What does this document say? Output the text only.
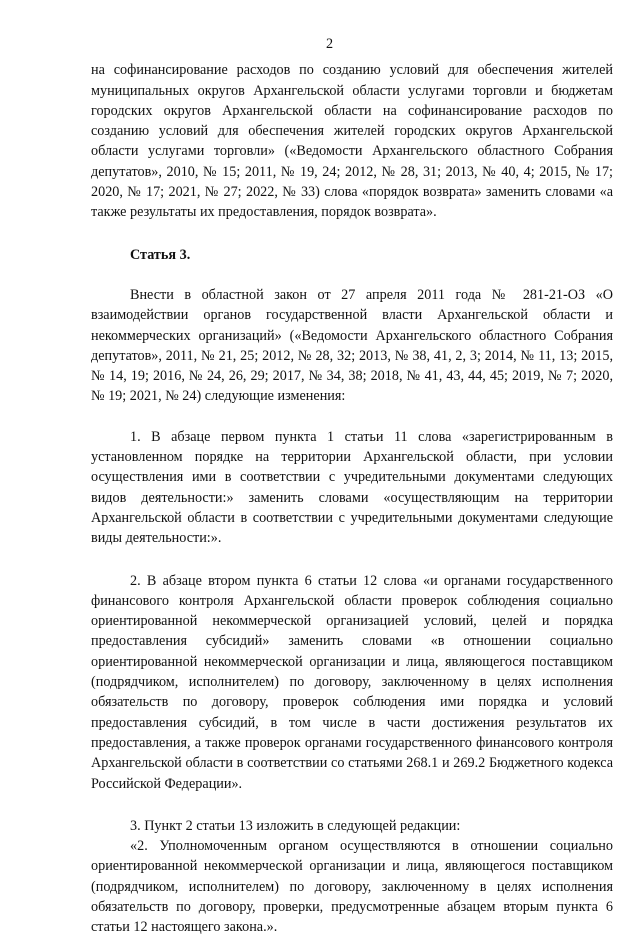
2

на софинансирование расходов по созданию условий для обеспечения жителей муниципальных округов Архангельской области услугами торговли и бюджетам городских округов Архангельской области на софинансирование расходов по созданию условий для обеспечения жителей городских округов Архангельской области услугами торговли» («Ведомости Архангельского областного Собрания депутатов», 2010, № 15; 2011, № 19, 24; 2012, № 28, 31; 2013, № 40, 4; 2015, № 17; 2020, № 17; 2021, № 27; 2022, № 33) слова «порядок возврата» заменить словами «а также результаты их предоставления, порядок возврата».

Статья 3.

Внести в областной закон от 27 апреля 2011 года № 281-21-ОЗ «О взаимодействии органов государственной власти Архангельской области и некоммерческих организаций» («Ведомости Архангельского областного Собрания депутатов», 2011, № 21, 25; 2012, № 28, 32; 2013, № 38, 41, 2, 3; 2014, № 11, 13; 2015, № 14, 19; 2016, № 24, 26, 29; 2017, № 34, 38; 2018, № 41, 43, 44, 45; 2019, № 7; 2020, № 19; 2021, № 24) следующие изменения:

1. В абзаце первом пункта 1 статьи 11 слова «зарегистрированным в установленном порядке на территории Архангельской области, при условии осуществления ими в соответствии с учредительными документами следующих видов деятельности:» заменить словами «осуществляющим на территории Архангельской области в соответствии с учредительными документами следующие виды деятельности:».

2. В абзаце втором пункта 6 статьи 12 слова «и органами государственного финансового контроля Архангельской области проверок соблюдения социально ориентированной некоммерческой организацией условий, целей и порядка предоставления субсидий» заменить словами «в отношении социально ориентированной некоммерческой организации и лица, являющегося поставщиком (подрядчиком, исполнителем) по договору, заключенному в целях исполнения обязательств по договору, проверок соблюдения ими порядка и условий предоставления субсидий, в том числе в части достижения результатов их предоставления, а также проверок органами государственного финансового контроля Архангельской области в соответствии со статьями 268.1 и 269.2 Бюджетного кодекса Российской Федерации».

3. Пункт 2 статьи 13 изложить в следующей редакции:

«2. Уполномоченным органом осуществляются в отношении социально ориентированной некоммерческой организации и лица, являющегося поставщиком (подрядчиком, исполнителем) по договору, заключенному в целях исполнения обязательств по договору, проверки, предусмотренные абзацем вторым пункта 6 статьи 12 настоящего закона.».
